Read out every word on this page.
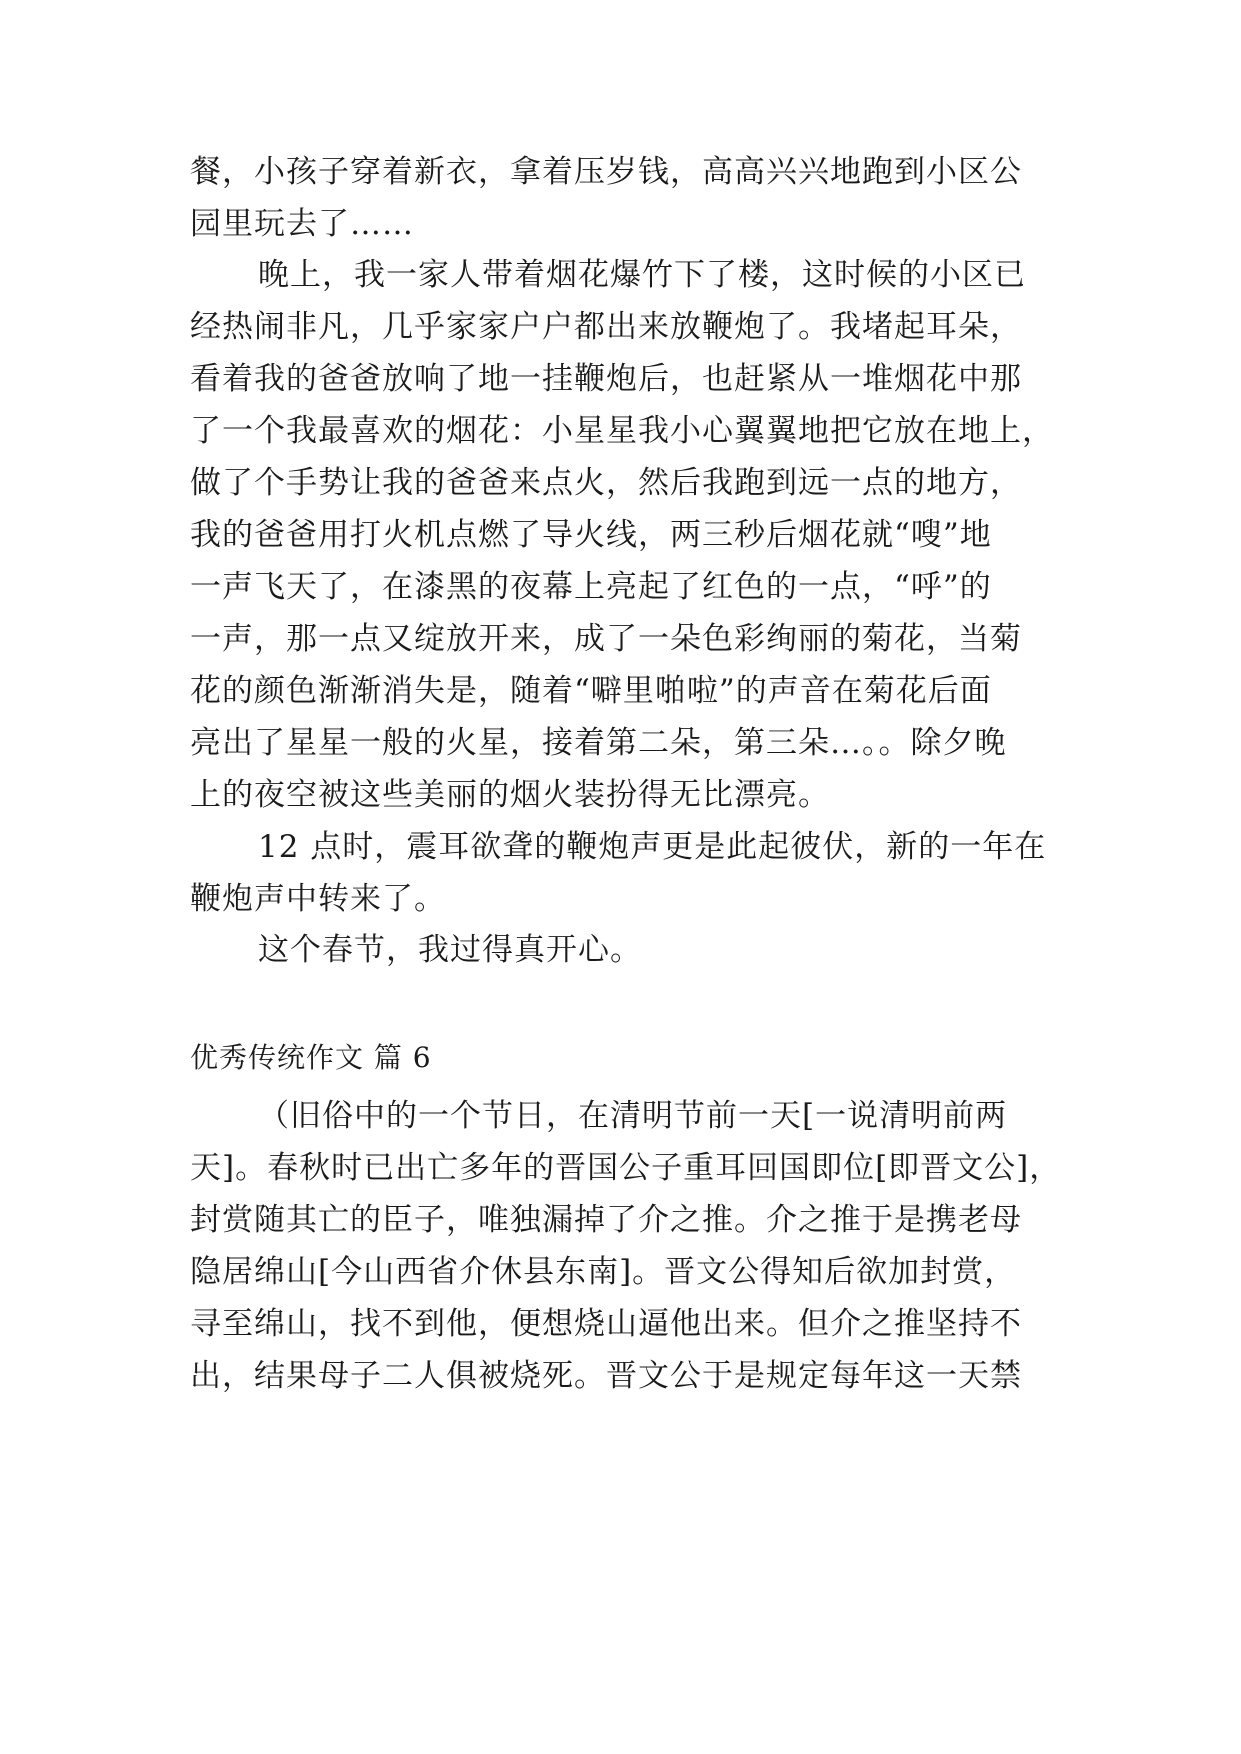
餐，小孩子穿着新衣，拿着压岁钱，高高兴兴地跑到小区公
园里玩去了……
晚上，我一家人带着烟花爆竹下了楼，这时候的小区已
经热闹非凡，几乎家家户户都出来放鞭炮了。我堵起耳朵，
看着我的爸爸放响了地一挂鞭炮后，也赶紧从一堆烟花中那
了一个我最喜欢的烟花：小星星我小心翼翼地把它放在地上，
做了个手势让我的爸爸来点火，然后我跑到远一点的地方，
我的爸爸用打火机点燃了导火线，两三秒后烟花就“嗖”地
一声飞天了，在漆黑的夜幕上亮起了红色的一点，“呼”的
一声，那一点又绽放开来，成了一朵色彩绚丽的菊花，当菊
花的颜色渐渐消失是，随着“噼里啪啦”的声音在菊花后面
亮出了星星一般的火星，接着第二朵，第三朵…。。除夕晚
上的夜空被这些美丽的烟火装扮得无比漂亮。
12 点时，震耳欲聋的鞭炮声更是此起彼伏，新的一年在
鞭炮声中转来了。
这个春节，我过得真开心。
优秀传统作文 篇 6
（旧俗中的一个节日，在清明节前一天[一说清明前两
天]。春秋时已出亡多年的晋国公子重耳回国即位[即晋文公]，
封赏随其亡的臣子，唯独漏掉了介之推。介之推于是携老母
隐居绵山[今山西省介休县东南]。晋文公得知后欲加封赏，
寻至绵山，找不到他，便想烧山逼他出来。但介之推坚持不
出，结果母子二人俱被烧死。晋文公于是规定每年这一天禁
